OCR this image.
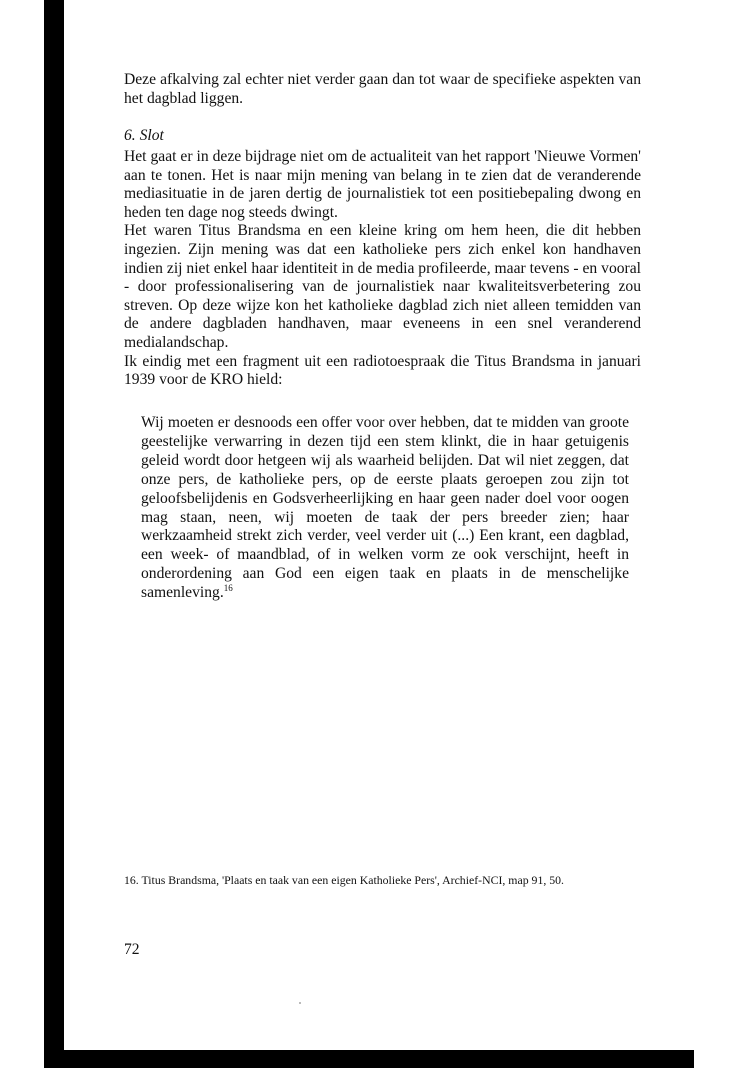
Deze afkalving zal echter niet verder gaan dan tot waar de specifieke aspekten van het dagblad liggen.

6. Slot

Het gaat er in deze bijdrage niet om de actualiteit van het rapport 'Nieuwe Vormen' aan te tonen. Het is naar mijn mening van belang in te zien dat de veranderende mediasituatie in de jaren dertig de journalistiek tot een positiebepaling dwong en heden ten dage nog steeds dwingt.

Het waren Titus Brandsma en een kleine kring om hem heen, die dit hebben ingezien. Zijn mening was dat een katholieke pers zich enkel kon handhaven indien zij niet enkel haar identiteit in de media profileerde, maar tevens - en vooral - door professionalisering van de journalistiek naar kwaliteitsverbetering zou streven. Op deze wijze kon het katholieke dagblad zich niet alleen temidden van de andere dagbladen handhaven, maar eveneens in een snel veranderend medialandschap.

Ik eindig met een fragment uit een radiotoespraak die Titus Brandsma in januari 1939 voor de KRO hield:

Wij moeten er desnoods een offer voor over hebben, dat te midden van groote geestelijke verwarring in dezen tijd een stem klinkt, die in haar getuigenis geleid wordt door hetgeen wij als waarheid belijden. Dat wil niet zeggen, dat onze pers, de katholieke pers, op de eerste plaats geroepen zou zijn tot geloofsbelijdenis en Godsverheerlijking en haar geen nader doel voor oogen mag staan, neen, wij moeten de taak der pers breeder zien; haar werkzaamheid strekt zich verder, veel verder uit (...) Een krant, een dagblad, een week- of maandblad, of in welken vorm ze ook verschijnt, heeft in onderordening aan God een eigen taak en plaats in de menschelijke samenleving.$^{16}$

16. Titus Brandsma, 'Plaats en taak van een eigen Katholieke Pers', Archief-NCI, map 91, 50.
72
